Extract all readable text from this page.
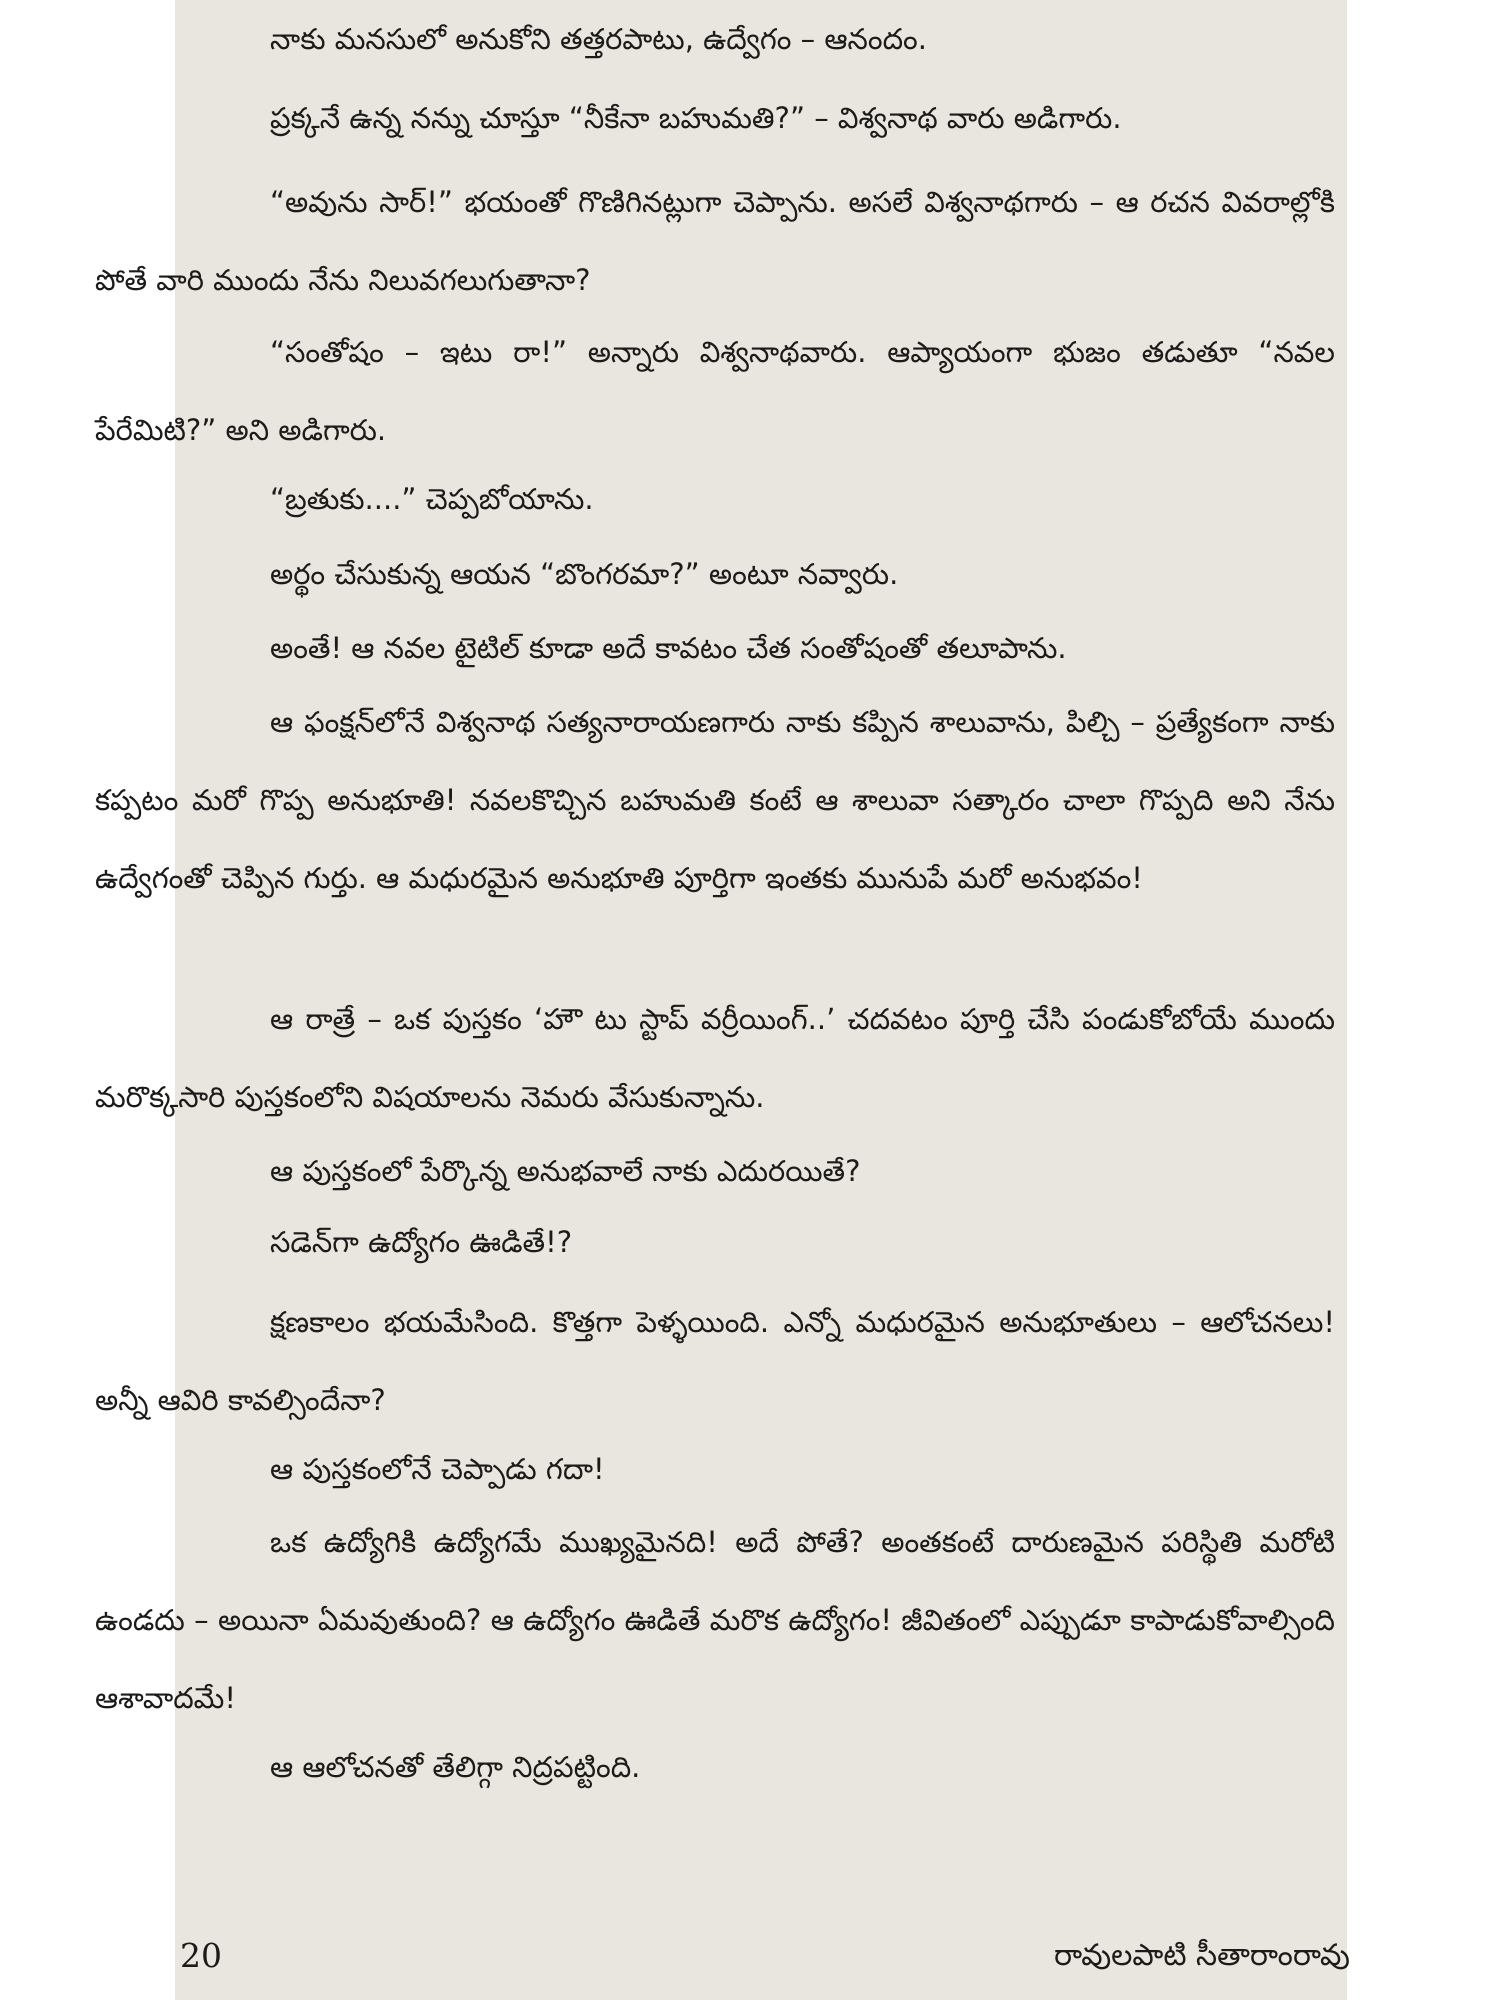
నాకు మనసులో అనుకోని తత్తరపాటు, ఉద్వేగం – ఆనందం.

ప్రక్కనే ఉన్న నన్ను చూస్తూ “నీకేనా బహుమతి?” – విశ్వనాథ వారు అడిగారు.

“అవును సార్!” భయంతో గొణిగినట్లుగా చెప్పాను. అసలే విశ్వనాథగారు – ఆ రచన వివరాల్లోకి పోతే వారి ముందు నేను నిలువగలుగుతానా?

“సంతోషం – ఇటు రా!” అన్నారు విశ్వనాథవారు. ఆప్యాయంగా భుజం తడుతూ “నవల పేరేమిటి?” అని అడిగారు.

“బ్రతుకు....” చెప్పబోయాను.

అర్థం చేసుకున్న ఆయన “బొంగరమా?” అంటూ నవ్వారు.

అంతే! ఆ నవల టైటిల్ కూడా అదే కావటం చేత సంతోషంతో తలూపాను.

ఆ ఫంక్షన్‌లోనే విశ్వనాథ సత్యనారాయణగారు నాకు కప్పిన శాలువాను, పిల్చి – ప్రత్యేకంగా నాకు కప్పటం మరో గొప్ప అనుభూతి! నవలకొచ్చిన బహుమతి కంటే ఆ శాలువా సత్కారం చాలా గొప్పది అని నేను ఉద్వేగంతో చెప్పిన గుర్తు. ఆ మధురమైన అనుభూతి పూర్తిగా ఇంతకు మునుపే మరో అనుభవం!

ఆ రాత్రే – ఒక పుస్తకం ‘హౌ టు స్టాప్ వర్రీయింగ్..’ చదవటం పూర్తి చేసి పండుకోబోయే ముందు మరొక్కసారి పుస్తకంలోని విషయాలను నెమరు వేసుకున్నాను.

ఆ పుస్తకంలో పేర్కొన్న అనుభవాలే నాకు ఎదురయితే?

సడెన్‌గా ఉద్యోగం ఊడితే!?

క్షణకాలం భయమేసింది. కొత్తగా పెళ్ళయింది. ఎన్నో మధురమైన అనుభూతులు – ఆలోచనలు! అన్నీ ఆవిరి కావల్సిందేనా?

ఆ పుస్తకంలోనే చెప్పాడు గదా!

ఒక ఉద్యోగికి ఉద్యోగమే ముఖ్యమైనది! అదే పోతే? అంతకంటే దారుణమైన పరిస్థితి మరోటి ఉండదు – అయినా ఏమవుతుంది? ఆ ఉద్యోగం ఊడితే మరొక ఉద్యోగం! జీవితంలో ఎప్పుడూ కాపాడుకోవాల్సింది ఆశావాదమే!

ఆ ఆలోచనతో తేలిగ్గా నిద్రపట్టింది.

20	రావులపాటి సీతారాంరావు
